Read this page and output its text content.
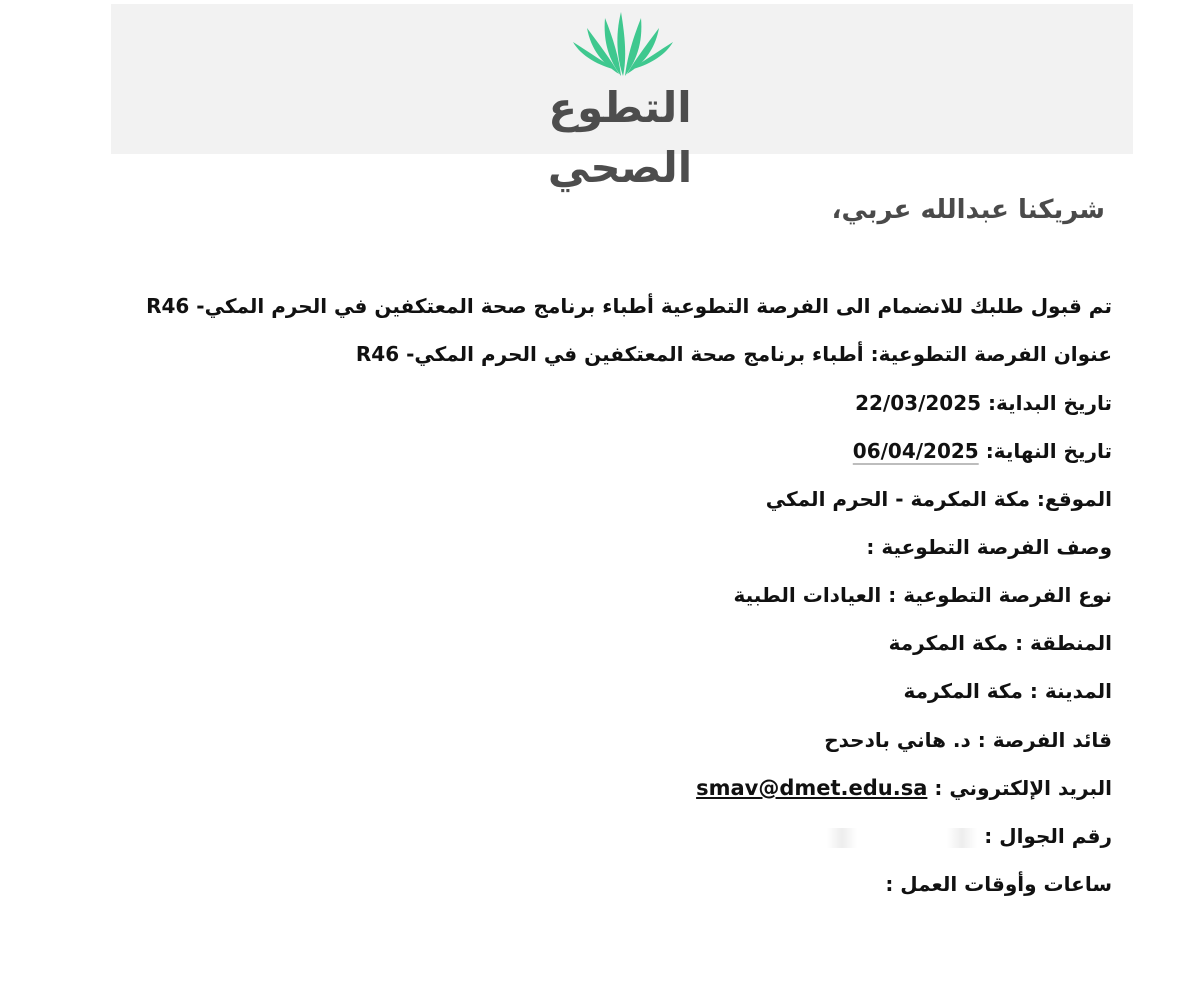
التطوع الصحي
شريكنا عبدالله عربي،
تم قبول طلبك للانضمام الى الفرصة التطوعية أطباء برنامج صحة المعتكفين في الحرم المكي- R46
عنوان الفرصة التطوعية: أطباء برنامج صحة المعتكفين في الحرم المكي- R46
تاريخ البداية: 22/03/2025
تاريخ النهاية: 06/04/2025
الموقع: مكة المكرمة - الحرم المكي
وصف الفرصة التطوعية :
نوع الفرصة التطوعية : العيادات الطبية
المنطقة : مكة المكرمة
المدينة : مكة المكرمة
قائد الفرصة : د. هاني بادحدح
البريد الإلكتروني : smav@dmet.edu.sa
رقم الجوال :
ساعات وأوقات العمل :
